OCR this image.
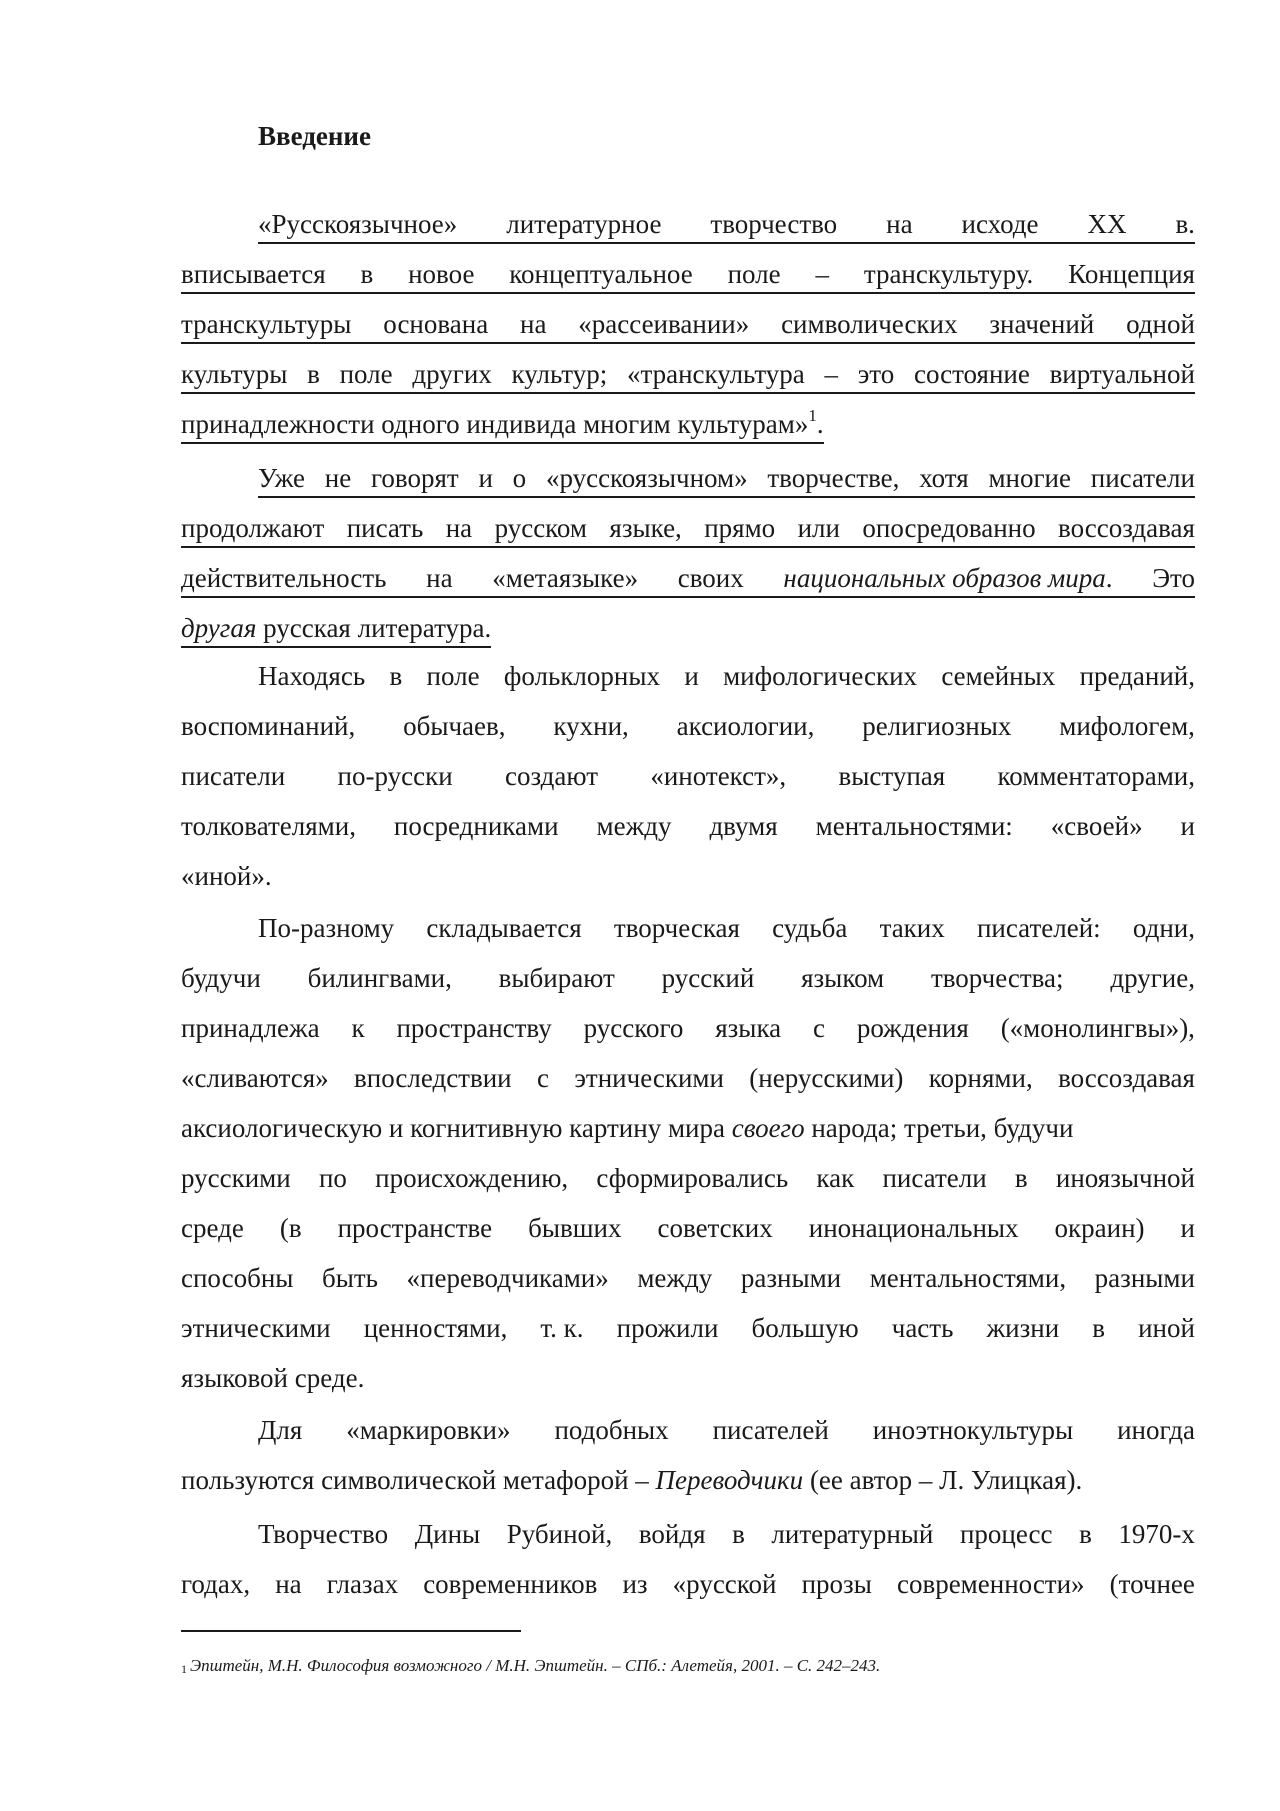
Введение
«Русскоязычное» литературное творчество на исходе XX в.
вписывается в новое концептуальное поле – транскультуру. Концепция
транскультуры основана на «рассеивании» символических значений одной
культуры в поле других культур; «транскультура – это состояние виртуальной
принадлежности одного индивида многим культурам»$^1$.
Уже не говорят и о «русскоязычном» творчестве, хотя многие писатели
продолжают писать на русском языке, прямо или опосредованно воссоздавая
действительность на «метаязыке» своих национальных образов мира. Это
другая русская литература.
Находясь в поле фольклорных и мифологических семейных преданий,
воспоминаний, обычаев, кухни, аксиологии, религиозных мифологем,
писатели по-русски создают «инотекст», выступая комментаторами,
толкователями, посредниками между двумя ментальностями: «своей» и
«иной».
По-разному складывается творческая судьба таких писателей: одни,
будучи билингвами, выбирают русский языком творчества; другие,
принадлежа к пространству русского языка с рождения («монолингвы»),
«сливаются» впоследствии с этническими (нерусскими) корнями, воссоздавая
аксиологическую и когнитивную картину мира своего народа; третьи, будучи
русскими по происхождению, сформировались как писатели в иноязычной
среде (в пространстве бывших советских инонациональных окраин) и
способны быть «переводчиками» между разными ментальностями, разными
этническими ценностями, т. к. прожили большую часть жизни в иной
языковой среде.
Для «маркировки» подобных писателей иноэтнокультуры иногда
пользуются символической метафорой – Переводчики (ее автор – Л. Улицкая).
Творчество Дины Рубиной, войдя в литературный процесс в 1970-х
годах, на глазах современников из «русской прозы современности» (точнее
1 Эпштейн, М.Н. Философия возможного / М.Н. Эпштейн. – СПб.: Алетейя, 2001. – С. 242–243.
